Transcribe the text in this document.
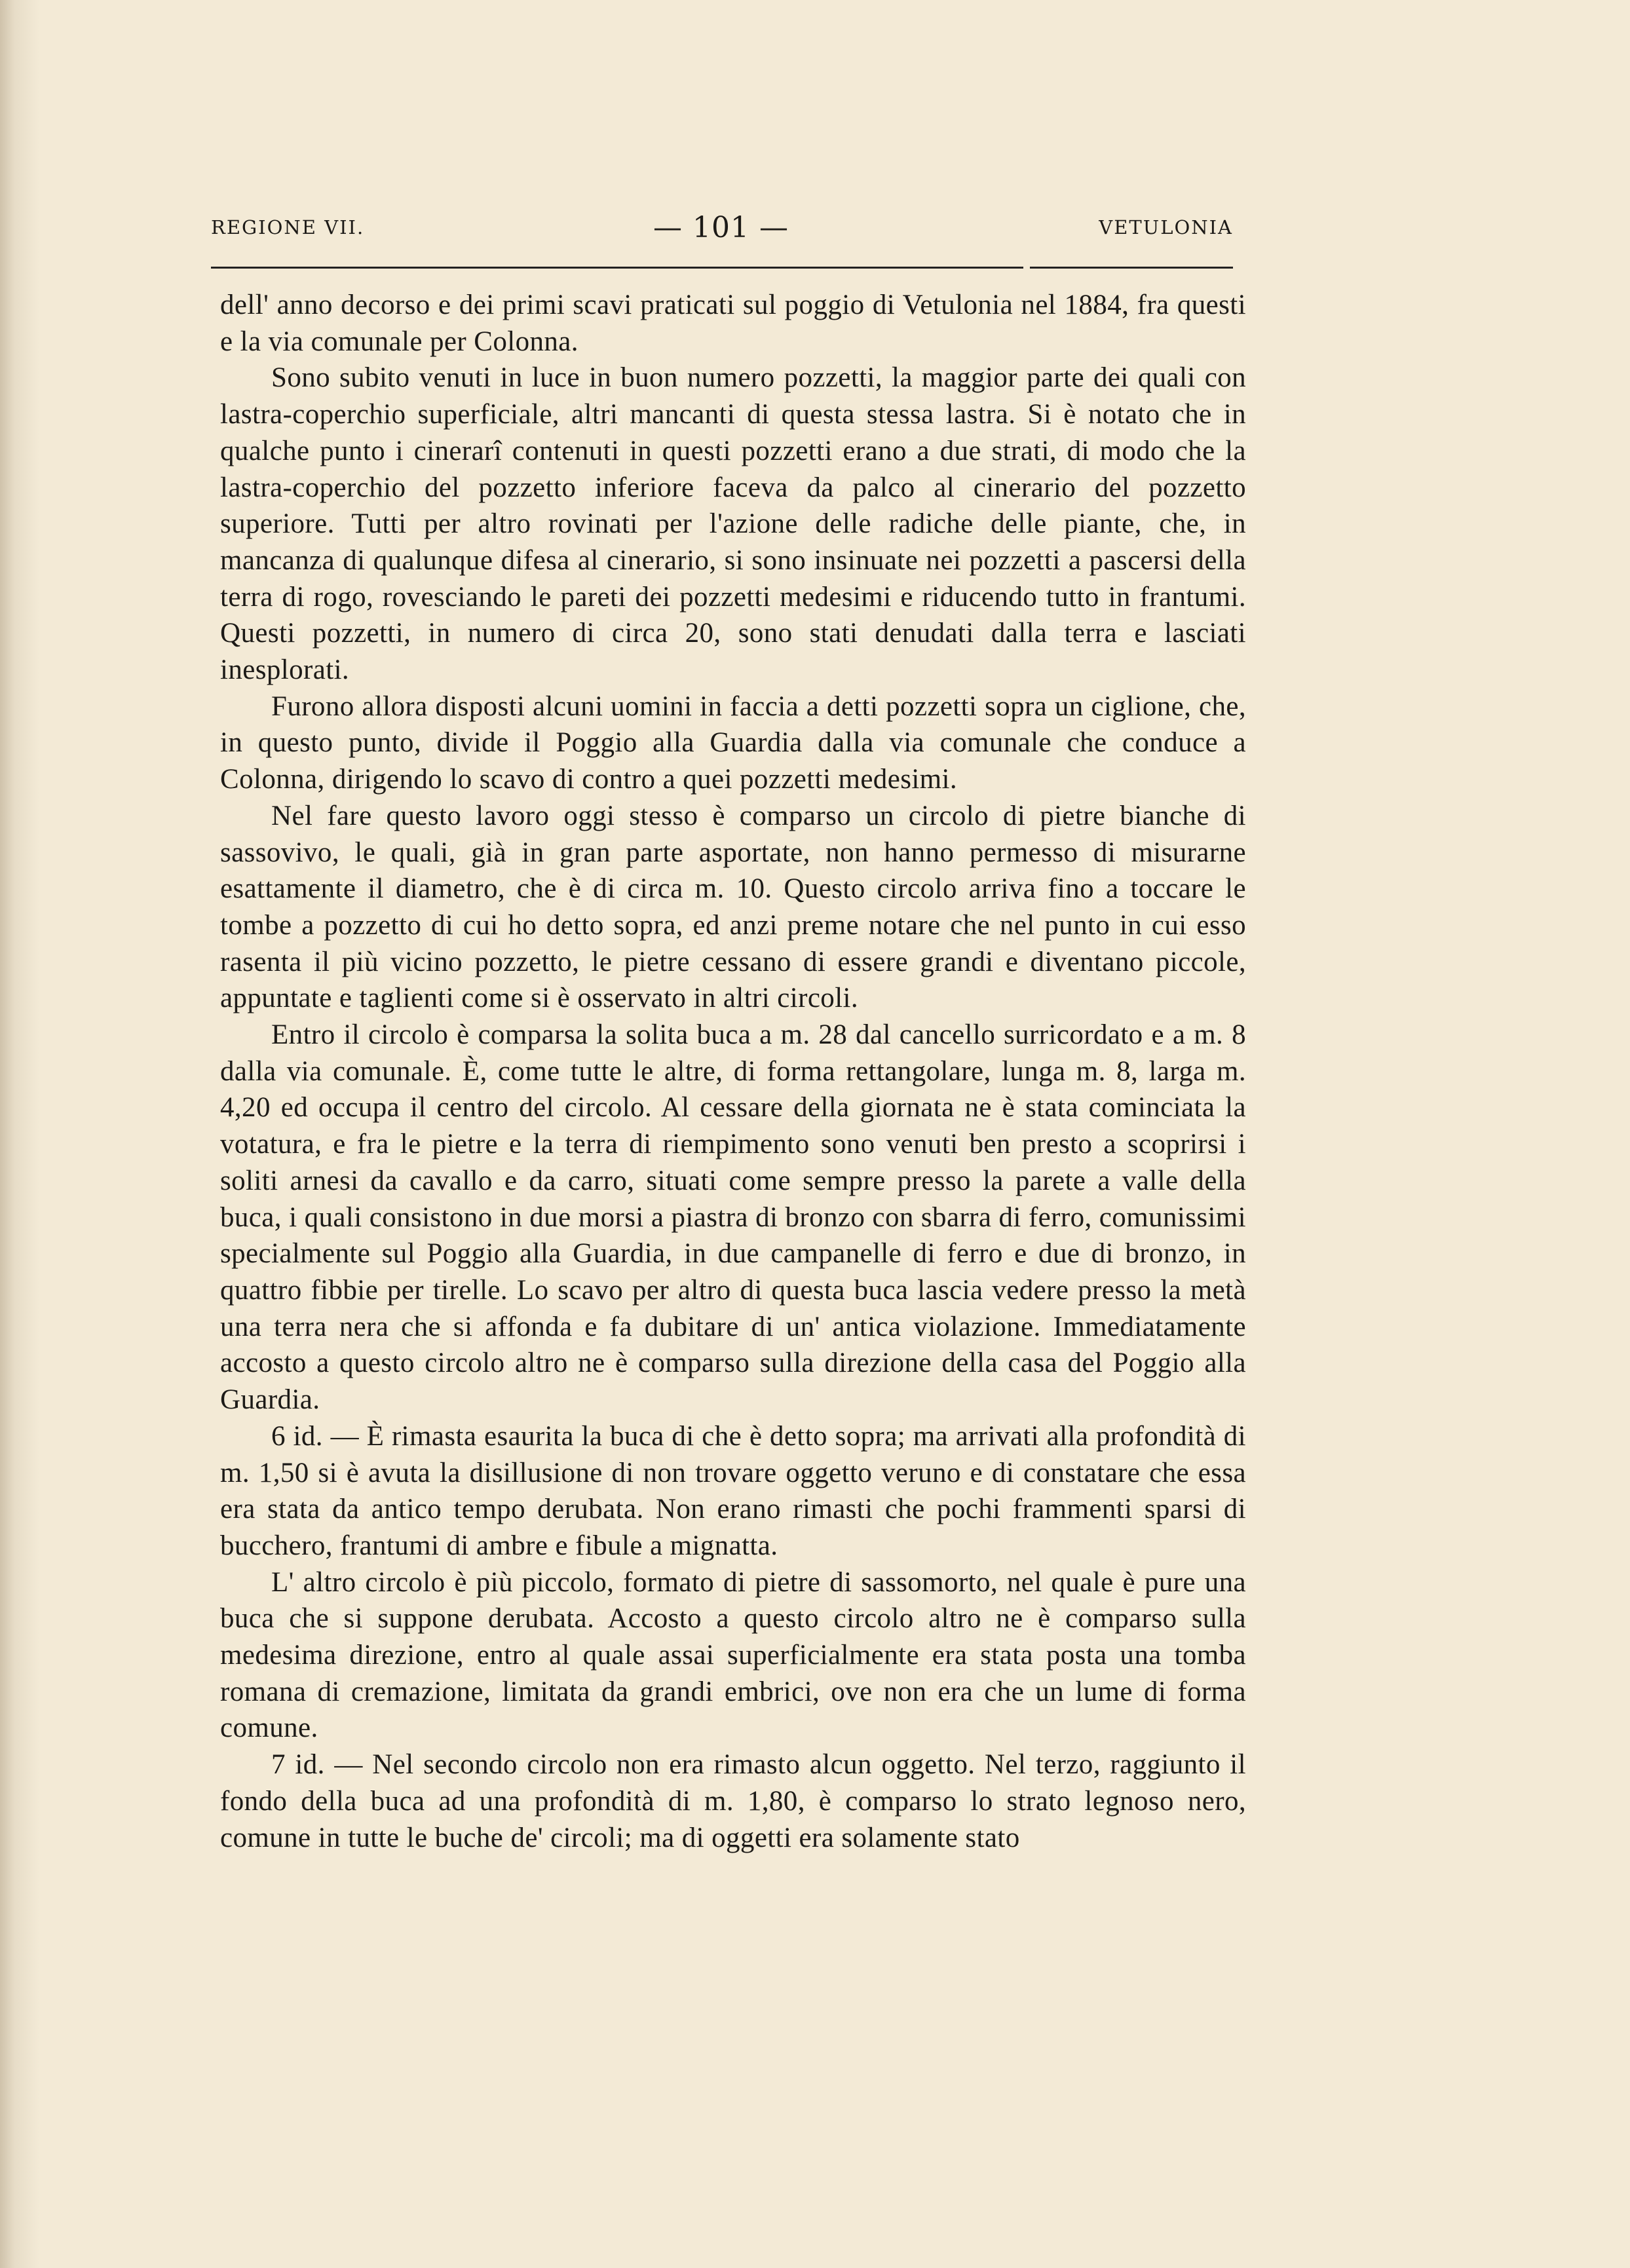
REGIONE VII.	— 101 —	VETULONIA

dell' anno decorso e dei primi scavi praticati sul poggio di Vetulonia nel 1884, fra questi e la via comunale per Colonna.

Sono subito venuti in luce in buon numero pozzetti, la maggior parte dei quali con lastra-coperchio superficiale, altri mancanti di questa stessa lastra. Si è notato che in qualche punto i cinerarî contenuti in questi pozzetti erano a due strati, di modo che la lastra-coperchio del pozzetto inferiore faceva da palco al cinerario del pozzetto superiore. Tutti per altro rovinati per l'azione delle radiche delle piante, che, in mancanza di qualunque difesa al cinerario, si sono insinuate nei pozzetti a pascersi della terra di rogo, rovesciando le pareti dei pozzetti medesimi e riducendo tutto in frantumi. Questi pozzetti, in numero di circa 20, sono stati denudati dalla terra e lasciati inesplorati.

Furono allora disposti alcuni uomini in faccia a detti pozzetti sopra un ciglione, che, in questo punto, divide il Poggio alla Guardia dalla via comunale che conduce a Colonna, dirigendo lo scavo di contro a quei pozzetti medesimi.

Nel fare questo lavoro oggi stesso è comparso un circolo di pietre bianche di sassovivo, le quali, già in gran parte asportate, non hanno permesso di misurarne esattamente il diametro, che è di circa m. 10. Questo circolo arriva fino a toccare le tombe a pozzetto di cui ho detto sopra, ed anzi preme notare che nel punto in cui esso rasenta il più vicino pozzetto, le pietre cessano di essere grandi e diventano piccole, appuntate e taglienti come si è osservato in altri circoli.

Entro il circolo è comparsa la solita buca a m. 28 dal cancello surricordato e a m. 8 dalla via comunale. È, come tutte le altre, di forma rettangolare, lunga m. 8, larga m. 4,20 ed occupa il centro del circolo. Al cessare della giornata ne è stata cominciata la votatura, e fra le pietre e la terra di riempimento sono venuti ben presto a scoprirsi i soliti arnesi da cavallo e da carro, situati come sempre presso la parete a valle della buca, i quali consistono in due morsi a piastra di bronzo con sbarra di ferro, comunissimi specialmente sul Poggio alla Guardia, in due campanelle di ferro e due di bronzo, in quattro fibbie per tirelle. Lo scavo per altro di questa buca lascia vedere presso la metà una terra nera che si affonda e fa dubitare di un' antica violazione. Immediatamente accosto a questo circolo altro ne è comparso sulla direzione della casa del Poggio alla Guardia.

6 id. — È rimasta esaurita la buca di che è detto sopra; ma arrivati alla profondità di m. 1,50 si è avuta la disillusione di non trovare oggetto veruno e di constatare che essa era stata da antico tempo derubata. Non erano rimasti che pochi frammenti sparsi di bucchero, frantumi di ambre e fibule a mignatta.

L' altro circolo è più piccolo, formato di pietre di sassomorto, nel quale è pure una buca che si suppone derubata. Accosto a questo circolo altro ne è comparso sulla medesima direzione, entro al quale assai superficialmente era stata posta una tomba romana di cremazione, limitata da grandi embrici, ove non era che un lume di forma comune.

7 id. — Nel secondo circolo non era rimasto alcun oggetto. Nel terzo, raggiunto il fondo della buca ad una profondità di m. 1,80, è comparso lo strato legnoso nero, comune in tutte le buche de' circoli; ma di oggetti era solamente stato
